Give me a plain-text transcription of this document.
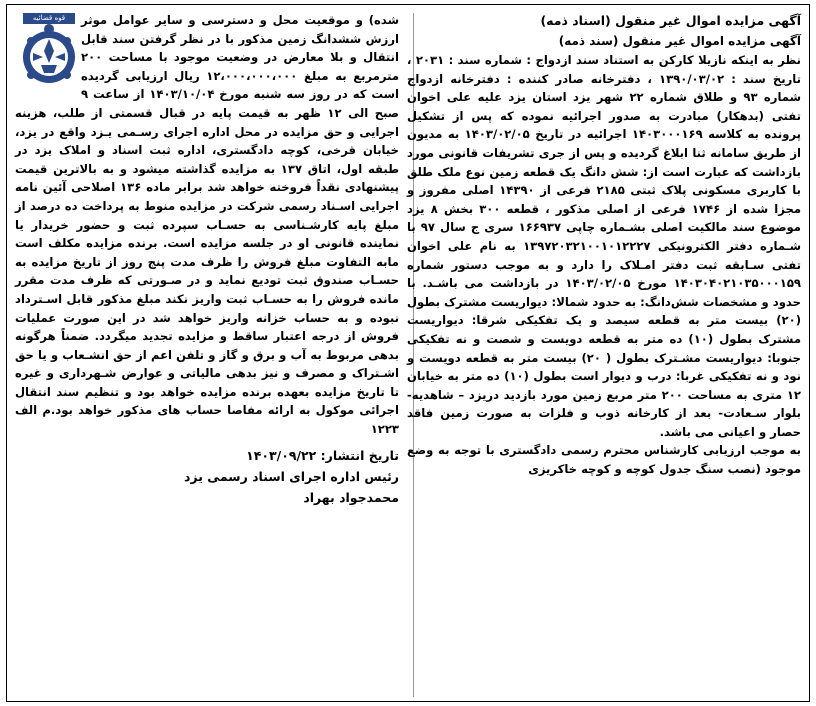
آگهی مزایده اموال غیر منقول (اسناد ذمه)
آگهی مزایده اموال غیر منقول (سند ذمه)

نظر به اینکه نازیلا کارکن به استناد سند ازدواج : شماره سند : ۲۰۳۱ ، تاریخ سند : ۱۳۹۰/۰۳/۰۲ ، دفترخانه صادر کننده : دفترخانه ازدواج شماره ۹۳ و طلاق شماره ۲۲ شهر یزد استان یزد علیه علی اخوان تفتی (بدهکار) مبادرت به صدور اجرائیه نموده که پس از تشکیل پرونده به کلاسه ۱۴۰۳۰۰۰۱۶۹ اجرائیه در تاریخ ۱۴۰۳/۰۲/۰۵ به مدیون از طریق سامانه ثنا ابلاغ گردیده و پس از جری تشریفات قانونی مورد بازداشت که عبارت است از: شش دانگ یک قطعه زمین نوع ملک طلق با کاربری مسکونی پلاک ثبتی ۲۱۸۵ فرعی از ۱۴۳۹۰ اصلی مفروز و مجزا شده از ۱۷۴۶ فرعی از اصلی مذکور ، قطعه ۳۰۰ بخش ۸ یزد موضوع سند مالکیت اصلی بشـماره چاپی ۱۶۶۹۳۷ سری ج سال ۹۷ با شـماره دفتر الکترونیکی ۱۳۹۷۲۰۳۲۱۰۰۱۰۱۲۲۲۷ به نام علی اخوان تفتی سـابقه ثبت دفتر امـلاک را دارد و به موجب دستور شماره ۱۴۰۳۰۴۰۲۱۰۳۵۰۰۰۱۵۹ مورخ ۱۴۰۳/۰۲/۰۵ در بازداشت می باشـد. با حدود و مشخصات شش‌دانگ: به حدود شمالا: دیواریست مشترک بطول (۲۰) بیست متر به قطعه سیصد و یک تفکیکی شرقا: دیواریست مشترک بطول (۱۰) ده متر به قطعه دویست و شصت و نه تفکیکی جنوبا: دیواریست مشـترک بطول ( ۲۰) بیست متر به قطعه دویست و نود و نه تفکیکی غربا: درب و دیوار است بطول (۱۰) ده متر به خیابان ۱۲ متری به مساحت ۲۰۰ متر مربع زمین مورد بازدید دریزد – شاهدیه- بلوار سـعادت- بعد از کارخانه ذوب و فلزات به صورت زمین فاقد حصار و اعیانی می باشد.

به موجب ارزیابی کارشناس محترم رسمی دادگستری با توجه به وضع موجود (نصب سنگ جدول کوچه و کوچه خاکریزی

قوه قضائیه	شده) و موقعیت محل و دسترسی و سایر عوامل موثر ارزش ششدانگ زمین مذکور با در نظر گرفتن سند قابل انتقال و بلا معارض در وضعیت موجود با مساحت ۲۰۰ مترمربع به مبلغ ۱۲،۰۰۰،۰۰۰،۰۰۰ ریال ارزیابی گردیده است که در روز سه شنبه مورخ ۱۴۰۳/۱۰/۰۴ از ساعت ۹ صبح الی ۱۲ ظهر به قیمت پایه در قبال قسمتی از طلب، هزینه اجرایی و حق مزایده در محل اداره اجرای رسـمی یـزد واقع در یزد، خیابان قرخی، کوچه دادگستری، اداره ثبت اسناد و املاک یزد در طبقه اول، اتاق ۱۳۷ به مزایده گذاشته میشود و به بالاترین قیمت پیشنهادی نقداً فروخته خواهد شد برابر ماده ۱۳۶ اصلاحی آئین نامه اجرایی اسـناد رسمی شرکت در مزایده منوط به پرداخت ده درصد از مبلغ پایه کارشـناسی به حسـاب سپرده ثبت و حضور خریدار یا نماینده قانونی او در جلسه مزایده است. برنده مزایده مکلف است مابه التفاوت مبلغ فروش را ظرف مدت پنج روز از تاریخ مزایده به حسـاب صندوق ثبت تودیع نماید و در صـورتی که ظرف مدت مقرر مانده فروش را به حسـاب ثبت واریز نکند مبلغ مذکور قابل اسـترداد نبوده و به حساب خزانه واریز خواهد شد در این صورت عملیات فروش از درجه اعتبار ساقط و مزایده تجدید میگردد. ضمناً هرگونه بدهی مربوط به آب و برق و گاز و تلفن اعم از حق انشـعاب و یا حق اشـتراک و مصرف و نیز بدهی مالیاتی و عوارض شـهرداری و غیره تا تاریخ مزایده بعهده برنده مزایده خواهد بود و تنظیم سند انتقال اجرائی موکول به ارائه مفاصا حساب های مذکور خواهد بود.م الف ۱۲۲۳

تاریخ انتشار: ۱۴۰۳/۰۹/۲۲
رئیس اداره اجرای اسناد رسمی یزد
محمدجواد بهراد
